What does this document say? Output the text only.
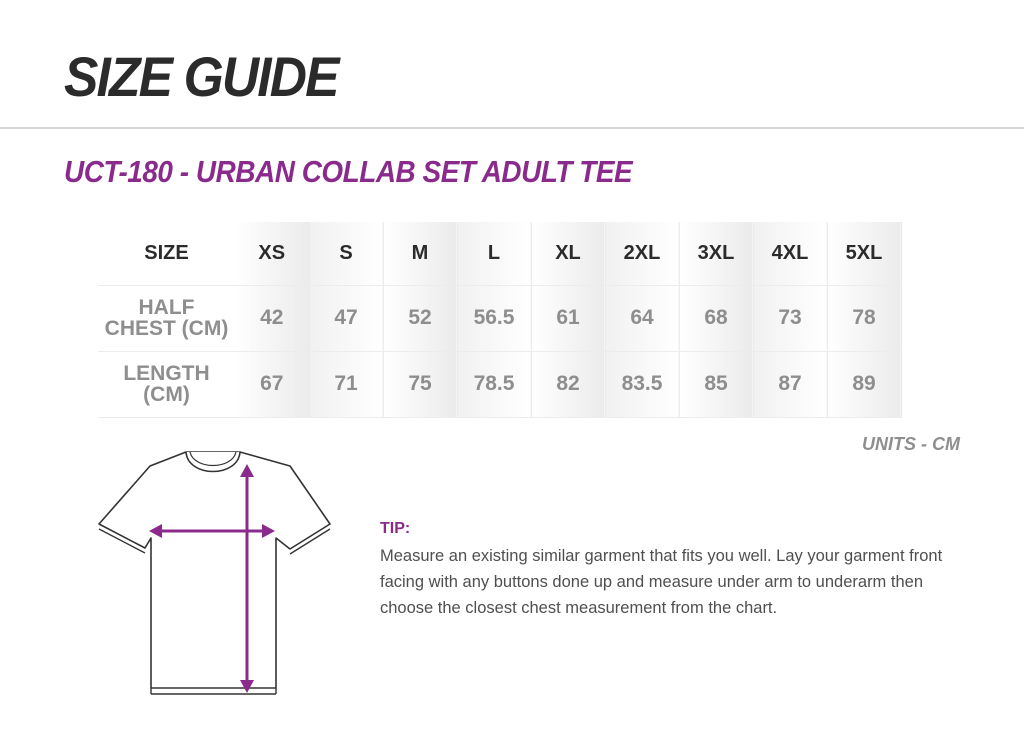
SIZE GUIDE
UCT-180 - URBAN COLLAB SET ADULT TEE
SIZE	XS	S	M	L	XL	2XL	3XL	4XL	5XL

HALF
CHEST (CM)	42	47	52	56.5	61	64	68	73	78

LENGTH
(CM)	67	71	75	78.5	82	83.5	85	87	89
UNITS - CM
TIP:
Measure an existing similar garment that fits you well. Lay your garment front facing with any buttons done up and measure under arm to underarm then choose the closest chest measurement from the chart.
